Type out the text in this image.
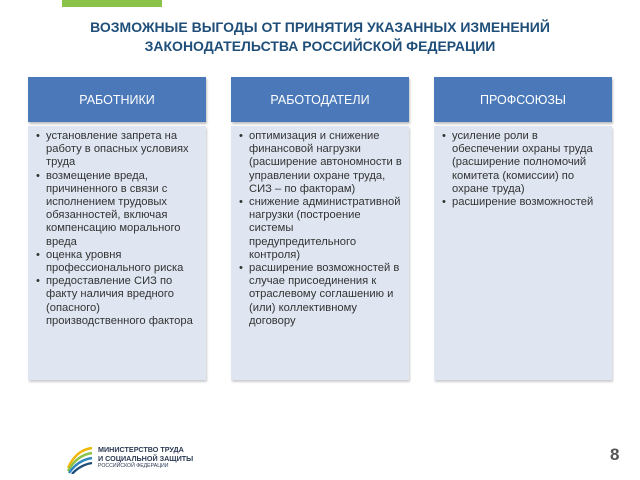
ВОЗМОЖНЫЕ ВЫГОДЫ ОТ ПРИНЯТИЯ УКАЗАННЫХ ИЗМЕНЕНИЙ
ЗАКОНОДАТЕЛЬСТВА РОССИЙСКОЙ ФЕДЕРАЦИИ
РАБОТНИКИ
• установление запрета на работу в опасных условиях труда
• возмещение вреда, причиненного в связи с исполнением трудовых обязанностей, включая компенсацию морального вреда
• оценка уровня профессионального риска
• предоставление СИЗ по факту наличия вредного (опасного) производственного фактора
РАБОТОДАТЕЛИ
• оптимизация и снижение финансовой нагрузки (расширение автономности в управлении охране труда, СИЗ – по факторам)
• снижение административной нагрузки (построение системы предупредительного контроля)
• расширение возможностей в случае присоединения к отраслевому соглашению и (или) коллективному договору
ПРОФСОЮЗЫ
• усиление роли в обеспечении охраны труда (расширение полномочий комитета (комиссии) по охране труда)
• расширение возможностей
МИНИСТЕРСТВО ТРУДА
И СОЦИАЛЬНОЙ ЗАЩИТЫ
РОССИЙСКОЙ ФЕДЕРАЦИИ
8
